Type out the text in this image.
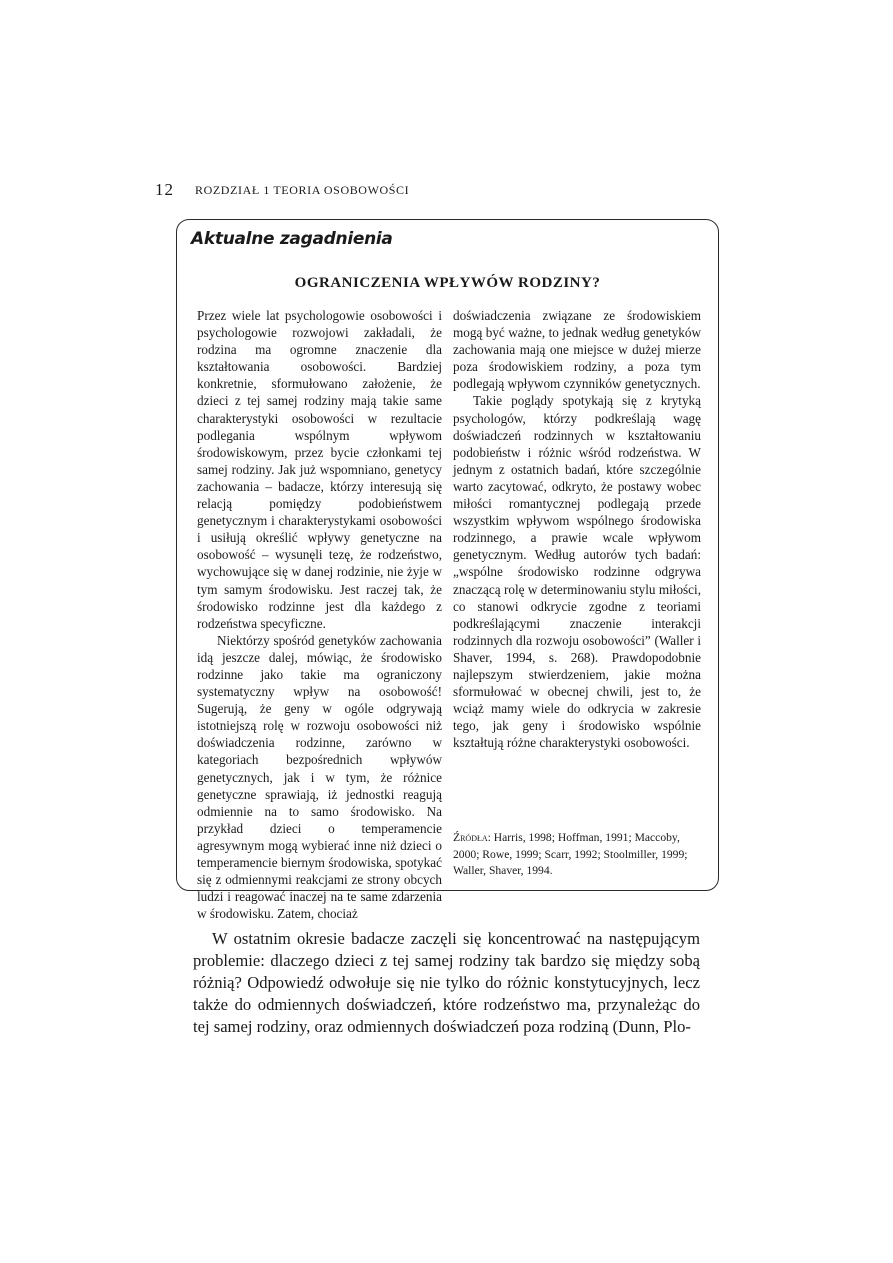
12 ROZDZIAŁ 1 TEORIA OSOBOWOŚCI
Aktualne zagadnienia
OGRANICZENIA WPŁYWÓW RODZINY?

Przez wiele lat psychologowie osobowości i psychologowie rozwojowi zakładali, że rodzina ma ogromne znaczenie dla kształtowania osobowości. Bardziej konkretnie, sformułowano założenie, że dzieci z tej samej rodziny mają takie same charakterystyki osobowości w rezultacie podlegania wspólnym wpływom środowiskowym, przez bycie członkami tej samej rodziny. Jak już wspomniano, genetycy zachowania – badacze, którzy interesują się relacją pomiędzy podobieństwem genetycznym i charakterystykami osobowości i usiłują określić wpływy genetyczne na osobowość – wysunęli tezę, że rodzeństwo, wychowujące się w danej rodzinie, nie żyje w tym samym środowisku. Jest raczej tak, że środowisko rodzinne jest dla każdego z rodzeństwa specyficzne.

Niektórzy spośród genetyków zachowania idą jeszcze dalej, mówiąc, że środowisko rodzinne jako takie ma ograniczony systematyczny wpływ na osobowość! Sugerują, że geny w ogóle odgrywają istotniejszą rolę w rozwoju osobowości niż doświadczenia rodzinne, zarówno w kategoriach bezpośrednich wpływów genetycznych, jak i w tym, że różnice genetyczne sprawiają, iż jednostki reagują odmiennie na to samo środowisko. Na przykład dzieci o temperamencie agresywnym mogą wybierać inne niż dzieci o temperamencie biernym środowiska, spotykać się z odmiennymi reakcjami ze strony obcych ludzi i reagować inaczej na te same zdarzenia w środowisku. Zatem, chociaż

doświadczenia związane ze środowiskiem mogą być ważne, to jednak według genetyków zachowania mają one miejsce w dużej mierze poza środowiskiem rodziny, a poza tym podlegają wpływom czynników genetycznych.

Takie poglądy spotykają się z krytyką psychologów, którzy podkreślają wagę doświadczeń rodzinnych w kształtowaniu podobieństw i różnic wśród rodzeństwa. W jednym z ostatnich badań, które szczególnie warto zacytować, odkryto, że postawy wobec miłości romantycznej podlegają przede wszystkim wpływom wspólnego środowiska rodzinnego, a prawie wcale wpływom genetycznym. Według autorów tych badań: „wspólne środowisko rodzinne odgrywa znaczącą rolę w determinowaniu stylu miłości, co stanowi odkrycie zgodne z teoriami podkreślającymi znaczenie interakcji rodzinnych dla rozwoju osobowości” (Waller i Shaver, 1994, s. 268). Prawdopodobnie najlepszym stwierdzeniem, jakie można sformułować w obecnej chwili, jest to, że wciąż mamy wiele do odkrycia w zakresie tego, jak geny i środowisko wspólnie kształtują różne charakterystyki osobowości.

Źródła: Harris, 1998; Hoffman, 1991; Maccoby, 2000; Rowe, 1999; Scarr, 1992; Stoolmiller, 1999; Waller, Shaver, 1994.

W ostatnim okresie badacze zaczęli się koncentrować na następującym problemie: dlaczego dzieci z tej samej rodziny tak bardzo się między sobą różnią? Odpowiedź odwołuje się nie tylko do różnic konstytucyjnych, lecz także do odmiennych doświadczeń, które rodzeństwo ma, przynależąc do tej samej rodziny, oraz odmiennych doświadczeń poza rodziną (Dunn, Plo-
